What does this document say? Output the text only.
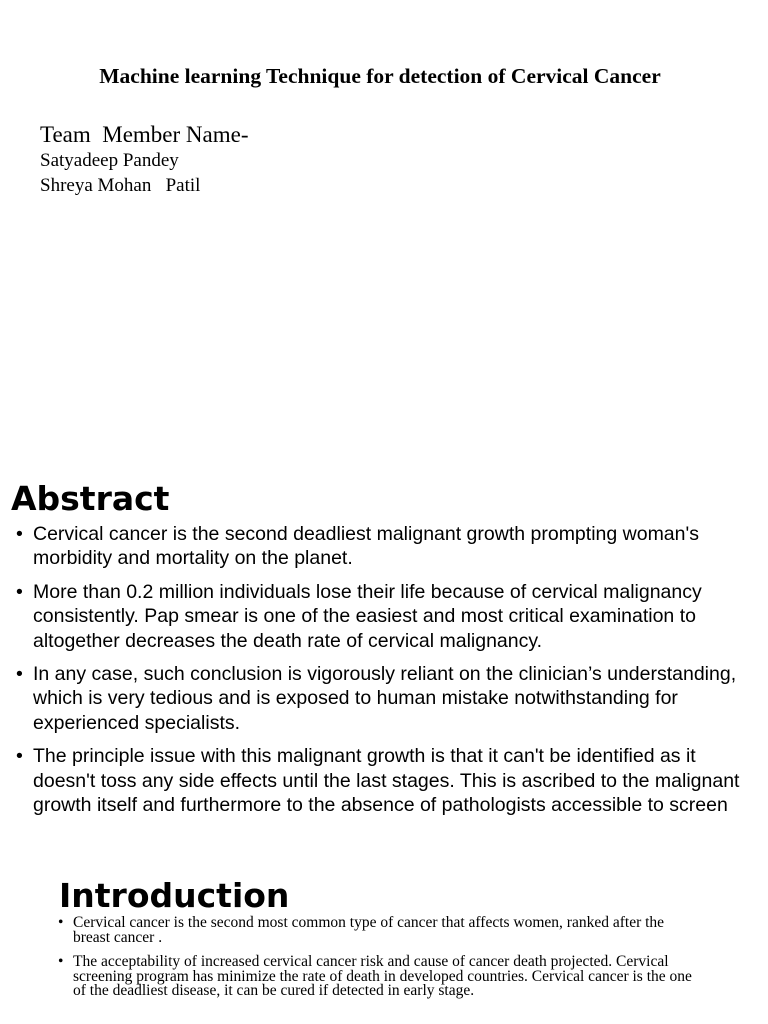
Machine learning Technique for detection of Cervical Cancer

Team  Member Name-

Satyadeep Pandey

Shreya Mohan   Patil

Abstract
• Cervical cancer is the second deadliest malignant growth prompting woman's morbidity and mortality on the planet.
• More than 0.2 million individuals lose their life because of cervical malignancy consistently. Pap smear is one of the easiest and most critical examination to altogether decreases the death rate of cervical malignancy.
• In any case, such conclusion is vigorously reliant on the clinician’s understanding, which is very tedious and is exposed to human mistake notwithstanding for experienced specialists.
• The principle issue with this malignant growth is that it can't be identified as it doesn't toss any side effects until the last stages. This is ascribed to the malignant growth itself and furthermore to the absence of pathologists accessible to screen
Introduction
• Cervical cancer is the second most common type of cancer that affects women, ranked after the breast cancer .
• The acceptability of increased cervical cancer risk and cause of cancer death projected. Cervical screening program has minimize the rate of death in developed countries. Cervical cancer is the one of the deadliest disease, it can be cured if detected in early stage.
